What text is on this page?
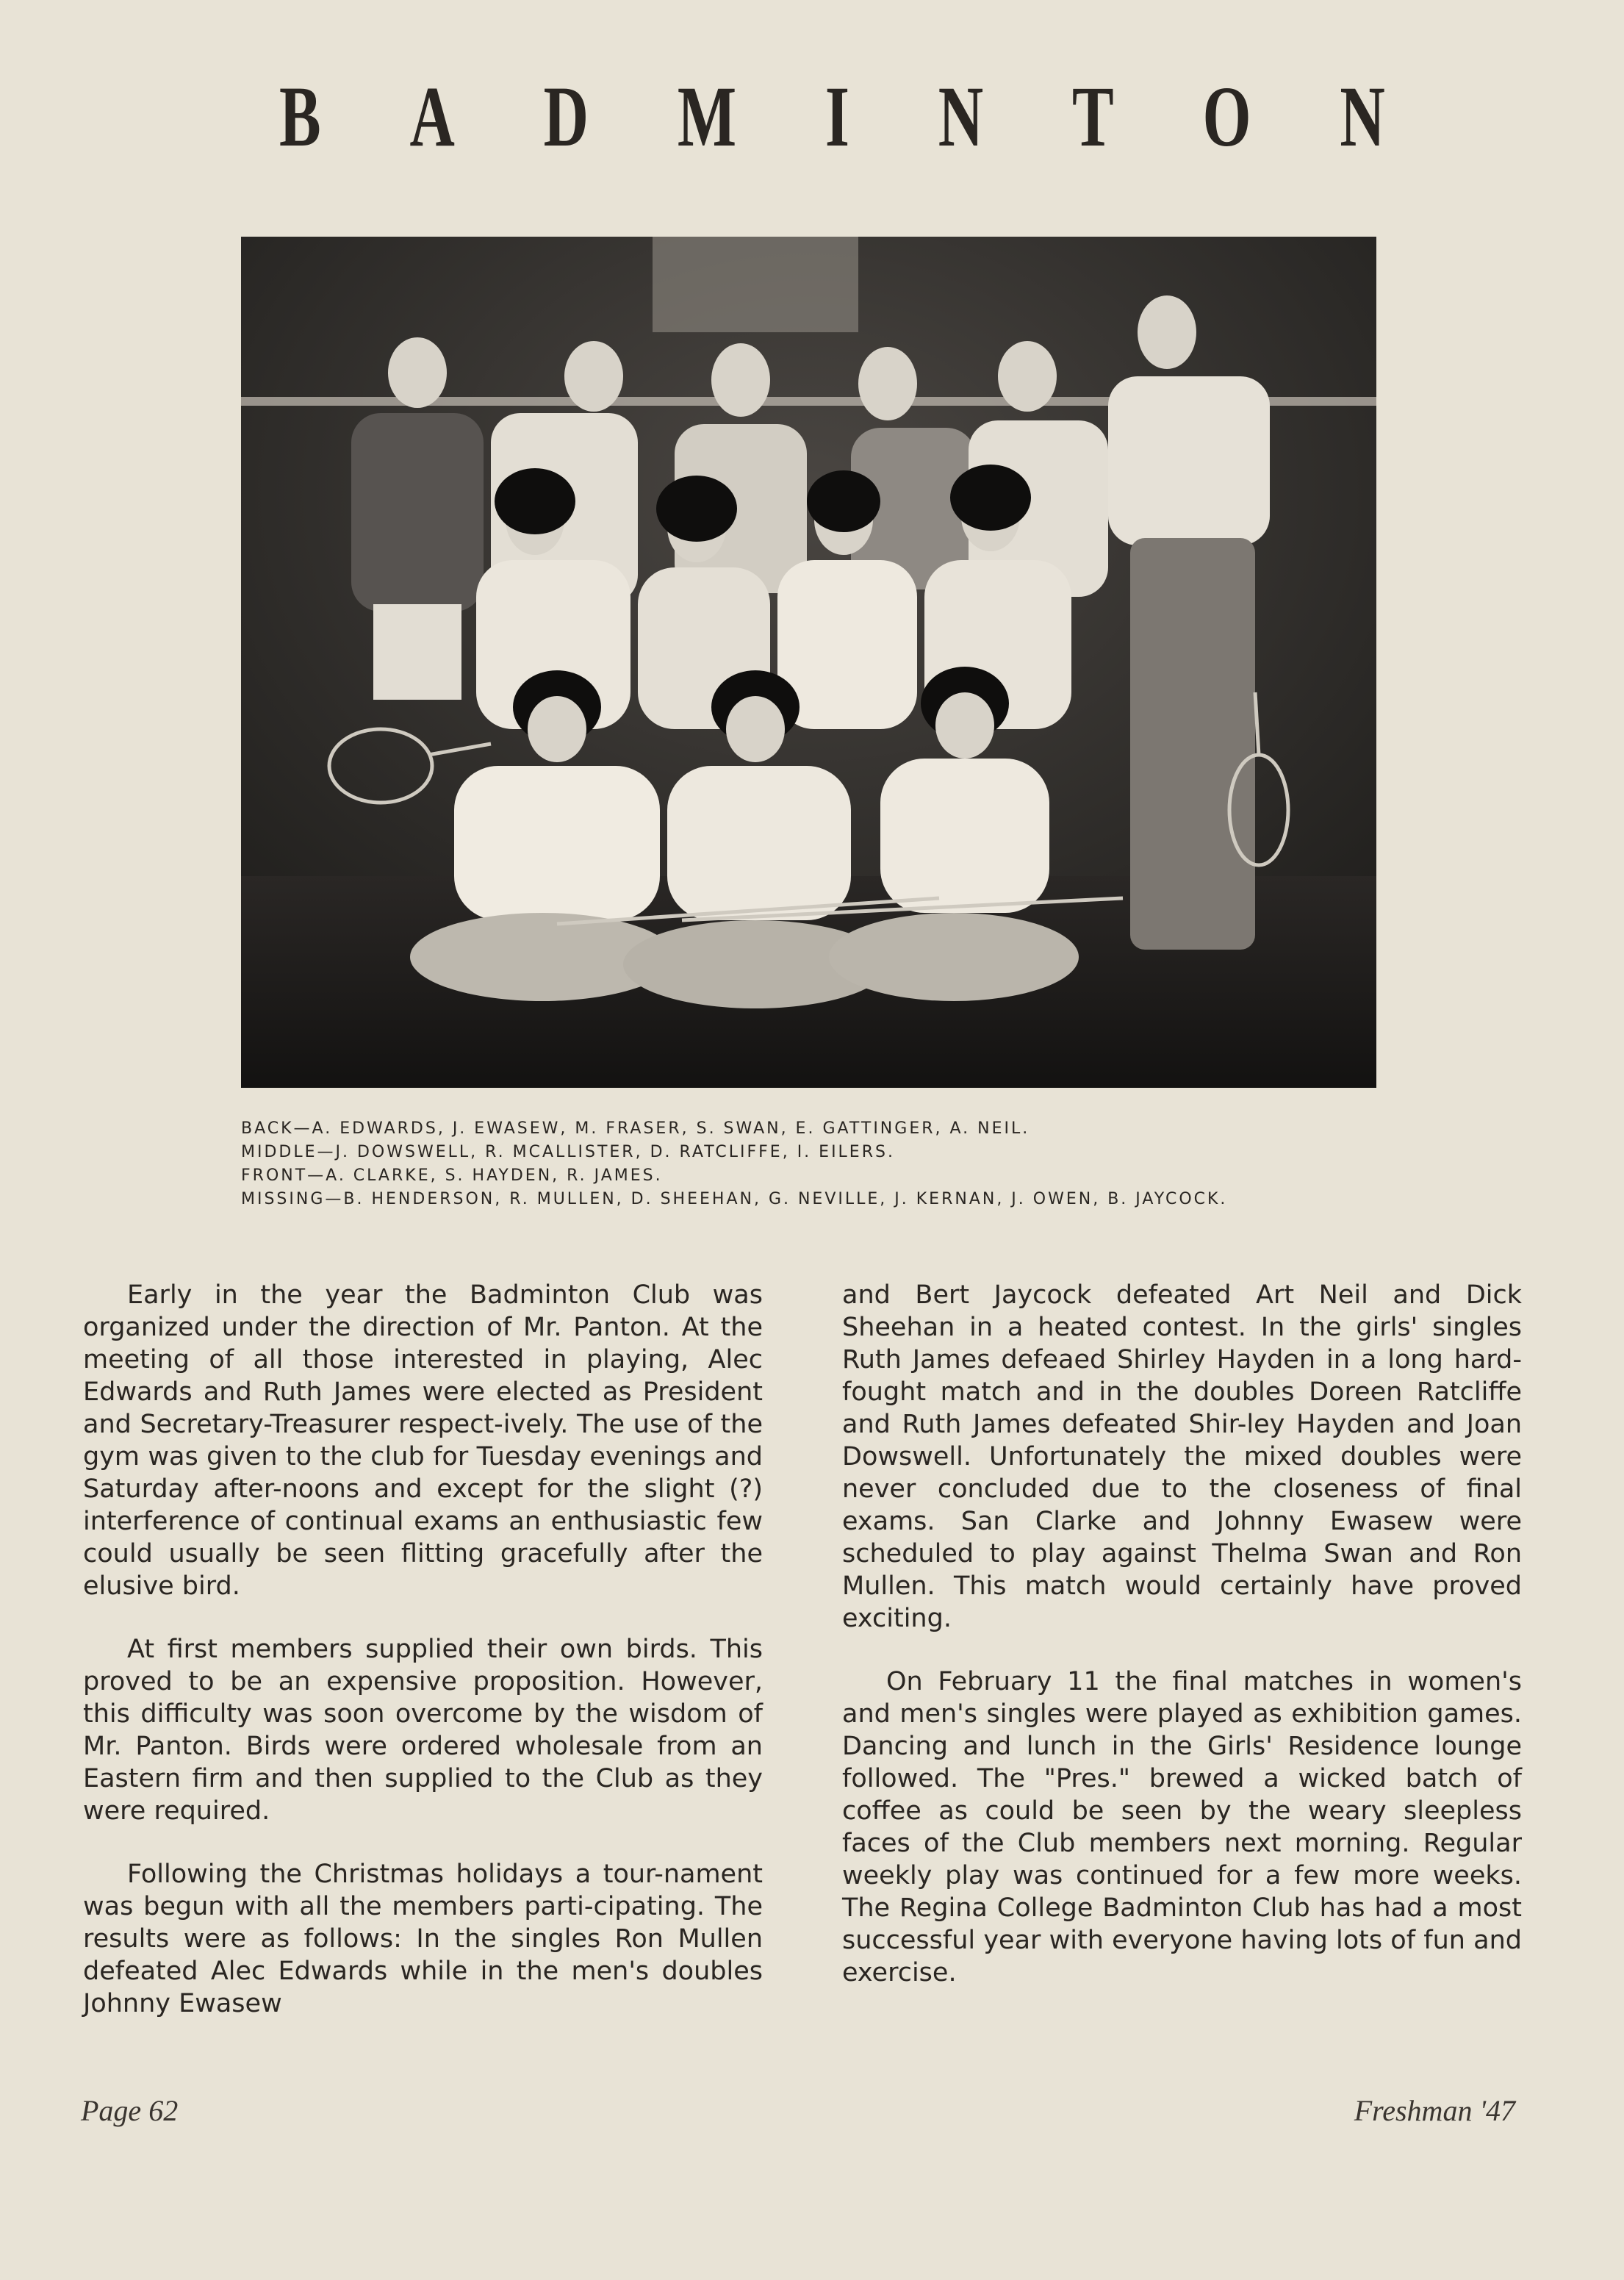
B A D M I N T O N
BACK —	A. EDWARDS, J. EWASEW, M. FRASER, S. SWAN, E. GATTINGER, A. NEIL.
MIDDLE —	J. DOWSWELL, R. MCALLISTER, D. RATCLIFFE, I. EILERS.
FRONT —	A. CLARKE, S. HAYDEN, R. JAMES.
MISSING —	B. HENDERSON, R. MULLEN, D. SHEEHAN, G. NEVILLE, J. KERNAN, J. OWEN, B. JAYCOCK.

Early in the year the Badminton Club was organized under the direction of Mr. Panton. At the meeting of all those interested in playing, Alec Edwards and Ruth James were elected as President and Secretary-Treasurer respect-ively. The use of the gym was given to the club for Tuesday evenings and Saturday after-noons and except for the slight (?) interference of continual exams an enthusiastic few could usually be seen flitting gracefully after the elusive bird.

At first members supplied their own birds. This proved to be an expensive proposition. However, this difficulty was soon overcome by the wisdom of Mr. Panton. Birds were ordered wholesale from an Eastern firm and then supplied to the Club as they were required.

Following the Christmas holidays a tour-nament was begun with all the members parti-cipating. The results were as follows: In the singles Ron Mullen defeated Alec Edwards while in the men's doubles Johnny Ewasew

and Bert Jaycock defeated Art Neil and Dick Sheehan in a heated contest. In the girls' singles Ruth James defeaed Shirley Hayden in a long hard-fought match and in the doubles Doreen Ratcliffe and Ruth James defeated Shir-ley Hayden and Joan Dowswell. Unfortunately the mixed doubles were never concluded due to the closeness of final exams. San Clarke and Johnny Ewasew were scheduled to play against Thelma Swan and Ron Mullen. This match would certainly have proved exciting.

On February 11 the final matches in women's and men's singles were played as exhibition games. Dancing and lunch in the Girls' Residence lounge followed. The "Pres." brewed a wicked batch of coffee as could be seen by the weary sleepless faces of the Club members next morning. Regular weekly play was continued for a few more weeks. The Regina College Badminton Club has had a most successful year with everyone having lots of fun and exercise.

Page 62	Freshman '47
